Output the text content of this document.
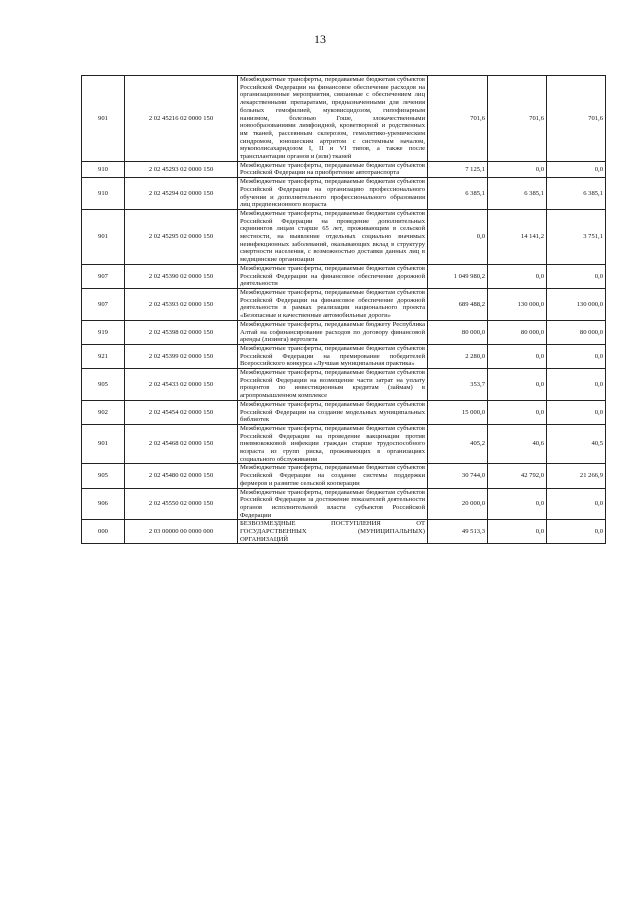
13
901	2 02 45216 02 0000 150	Межбюджетные трансферты, передаваемые бюджетам субъектов Российской Федерации на финансовое обеспечение расходов на организационные мероприятия, связанные с обеспечением лиц лекарственными препаратами, предназначенными для лечения больных гемофилией, муковисцидозом, гипофизарным нанизмом, болезнью Гоше, злокачественными новообразованиями лимфоидной, кроветворной и родственных им тканей, рассеянным склерозом, гемолитико-уремическим синдромом, юношеским артритом с системным началом, мукополисахаридозом I, II и VI типов, а также после трансплантации органов и (или) тканей	701,6	701,6	701,6
910	2 02 45293 02 0000 150	Межбюджетные трансферты, передаваемые бюджетам субъектов Российской Федерации на приобретение автотранспорта	7 125,1	0,0	0,0
910	2 02 45294 02 0000 150	Межбюджетные трансферты, передаваемые бюджетам субъектов Российской Федерации на организацию профессионального обучения и дополнительного профессионального образования лиц предпенсионного возраста	6 385,1	6 385,1	6 385,1
901	2 02 45295 02 0000 150	Межбюджетные трансферты, передаваемые бюджетам субъектов Российской Федерации на проведение дополнительных скринингов лицам старше 65 лет, проживающим в сельской местности, на выявление отдельных социально значимых неинфекционных заболеваний, оказывающих вклад в структуру смертности населения, с возможностью доставки данных лиц в медицинские организации	0,0	14 141,2	3 751,1
907	2 02 45390 02 0000 150	Межбюджетные трансферты, передаваемые бюджетам субъектов Российской Федерации на финансовое обеспечение дорожной деятельности	1 049 980,2	0,0	0,0
907	2 02 45393 02 0000 150	Межбюджетные трансферты, передаваемые бюджетам субъектов Российской Федерации на финансовое обеспечение дорожной деятельности в рамках реализации национального проекта «Безопасные и качественные автомобильные дороги»	689 488,2	130 000,0	130 000,0
919	2 02 45398 02 0000 150	Межбюджетные трансферты, передаваемые бюджету Республика Алтай на софинансирование расходов по договору финансовой аренды (лизинга) вертолета	80 000,0	80 000,0	80 000,0
921	2 02 45399 02 0000 150	Межбюджетные трансферты, передаваемые бюджетам субъектов Российской Федерации на премирование победителей Всероссийского конкурса «Лучшая муниципальная практика»	2 280,0	0,0	0,0
905	2 02 45433 02 0000 150	Межбюджетные трансферты, передаваемые бюджетам субъектов Российской Федерации на возмещение части затрат на уплату процентов по инвестиционным кредитам (займам) в агропромышленном комплексе	353,7	0,0	0,0
902	2 02 45454 02 0000 150	Межбюджетные трансферты, передаваемые бюджетам субъектов Российской Федерации на создание модельных муниципальных библиотек	15 000,0	0,0	0,0
901	2 02 45468 02 0000 150	Межбюджетные трансферты, передаваемые бюджетам субъектов Российской Федерации на проведение вакцинации против пневмококковой инфекции граждан старше трудоспособного возраста из групп риска, проживающих в организациях социального обслуживания	405,2	40,6	40,5
905	2 02 45480 02 0000 150	Межбюджетные трансферты, передаваемые бюджетам субъектов Российской Федерации на создание системы поддержки фермеров и развитие сельской кооперации	30 744,0	42 792,0	21 266,9
906	2 02 45550 02 0000 150	Межбюджетные трансферты, передаваемые бюджетам субъектов Российской Федерации за достижение показателей деятельности органов исполнительной власти субъектов Российской Федерации	20 000,0	0,0	0,0
000	2 03 00000 00 0000 000	БЕЗВОЗМЕЗДНЫЕ ПОСТУПЛЕНИЯ ОТ ГОСУДАРСТВЕННЫХ (МУНИЦИПАЛЬНЫХ) ОРГАНИЗАЦИЙ	49 513,3	0,0	0,0
